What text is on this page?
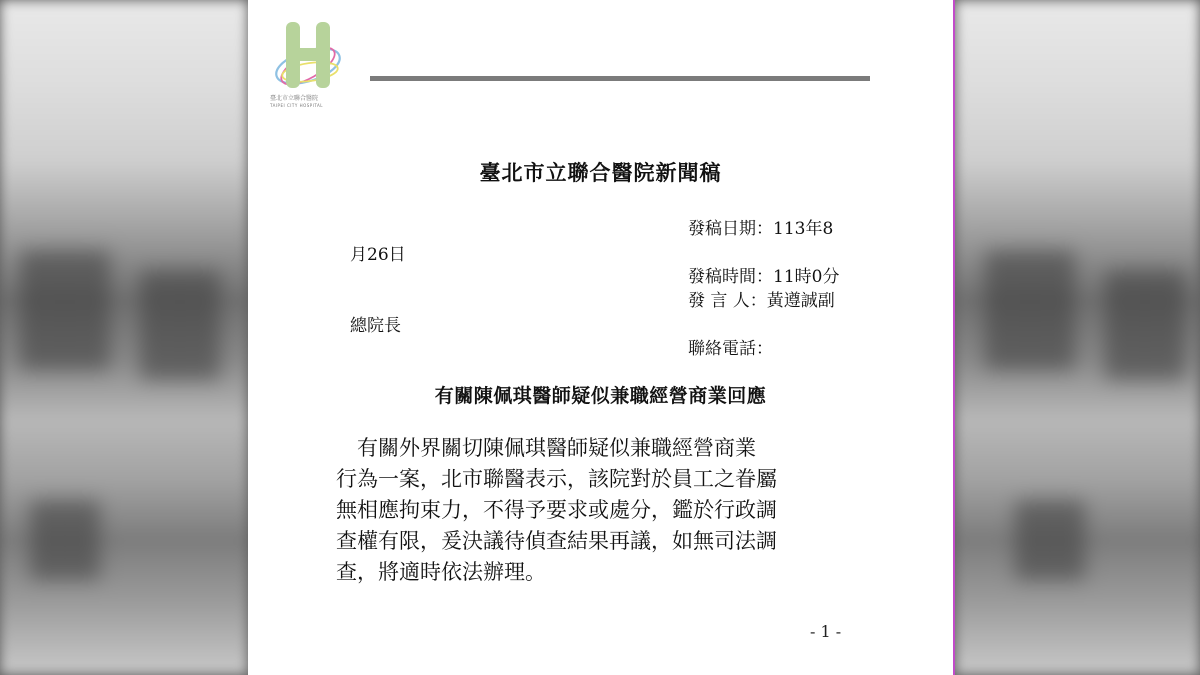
臺北市立聯合醫院
TAIPEI CITY HOSPITAL
臺北市立聯合醫院新聞稿
發稿日期：113年8
月26日
發稿時間：11時0分
發 言 人：黃遵誠副
總院長
聯絡電話：
有關陳佩琪醫師疑似兼職經營商業回應
　有關外界關切陳佩琪醫師疑似兼職經營商業
行為一案，北市聯醫表示，該院對於員工之眷屬
無相應拘束力，不得予要求或處分，鑑於行政調
查權有限，爰決議待偵查結果再議，如無司法調
查，將適時依法辦理。
- 1 -
